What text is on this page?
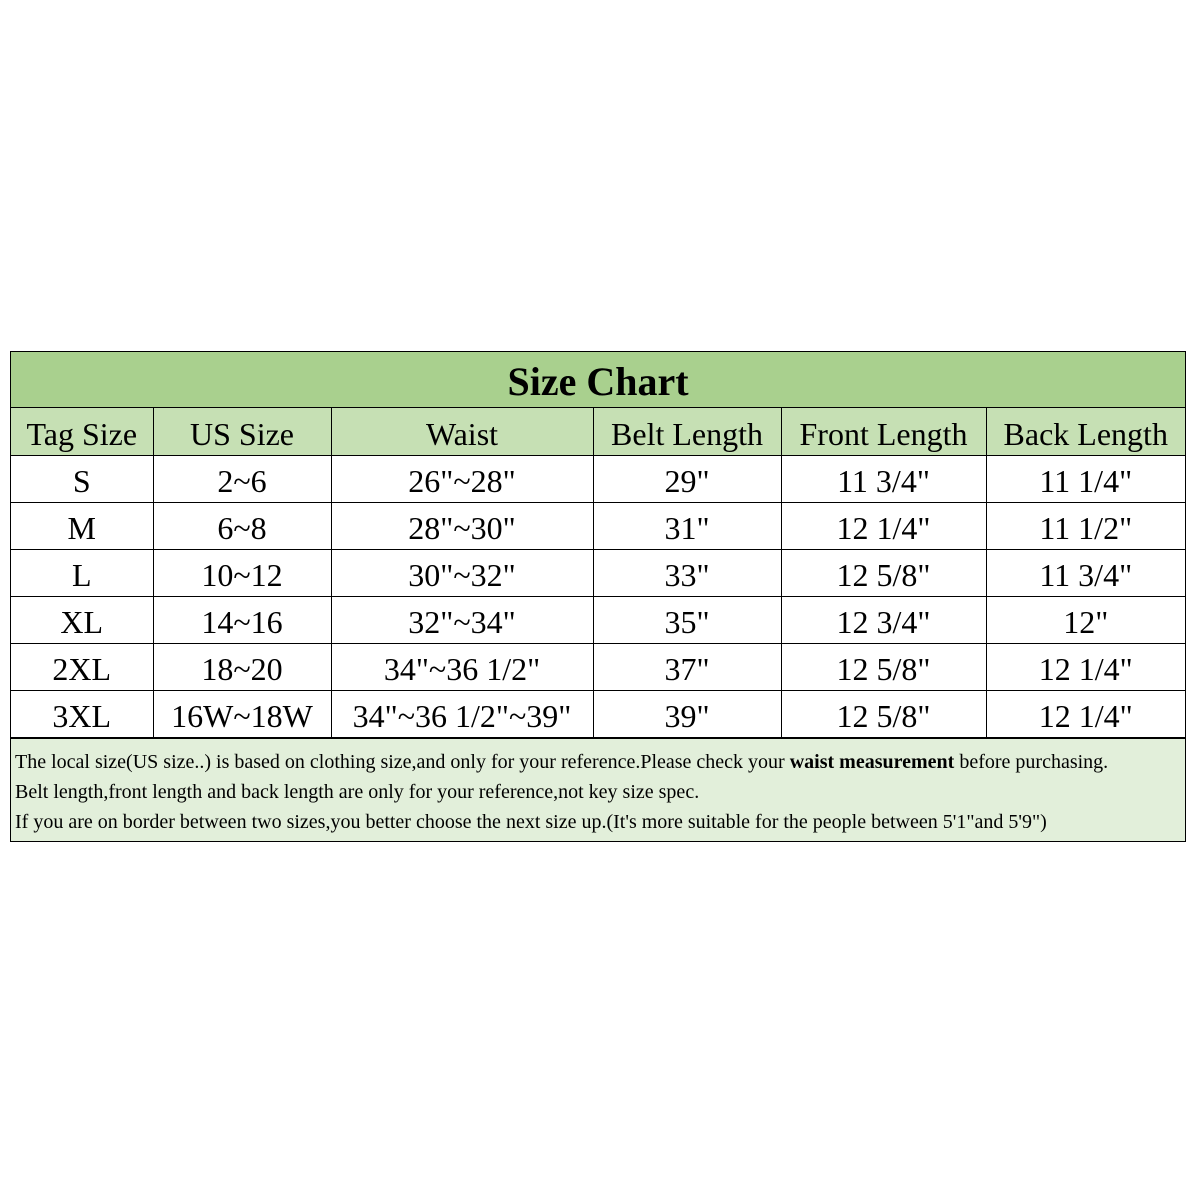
Size Chart
Tag Size	US Size	Waist	Belt Length	Front Length	Back Length
S	2~6	26"~28"	29"	11 3/4"	11 1/4"
M	6~8	28"~30"	31"	12 1/4"	11 1/2"
L	10~12	30"~32"	33"	12 5/8"	11 3/4"
XL	14~16	32"~34"	35"	12 3/4"	12"
2XL	18~20	34"~36 1/2"	37"	12 5/8"	12 1/4"
3XL	16W~18W	34"~36 1/2"~39"	39"	12 5/8"	12 1/4"

The local size(US size..) is based on clothing size,and only for your reference.Please check your waist measurement before purchasing.

Belt length,front length and back length are only for your reference,not key size spec.

If you are on border between two sizes,you better choose the next size up.(It's more suitable for the people between 5'1"and 5'9")
